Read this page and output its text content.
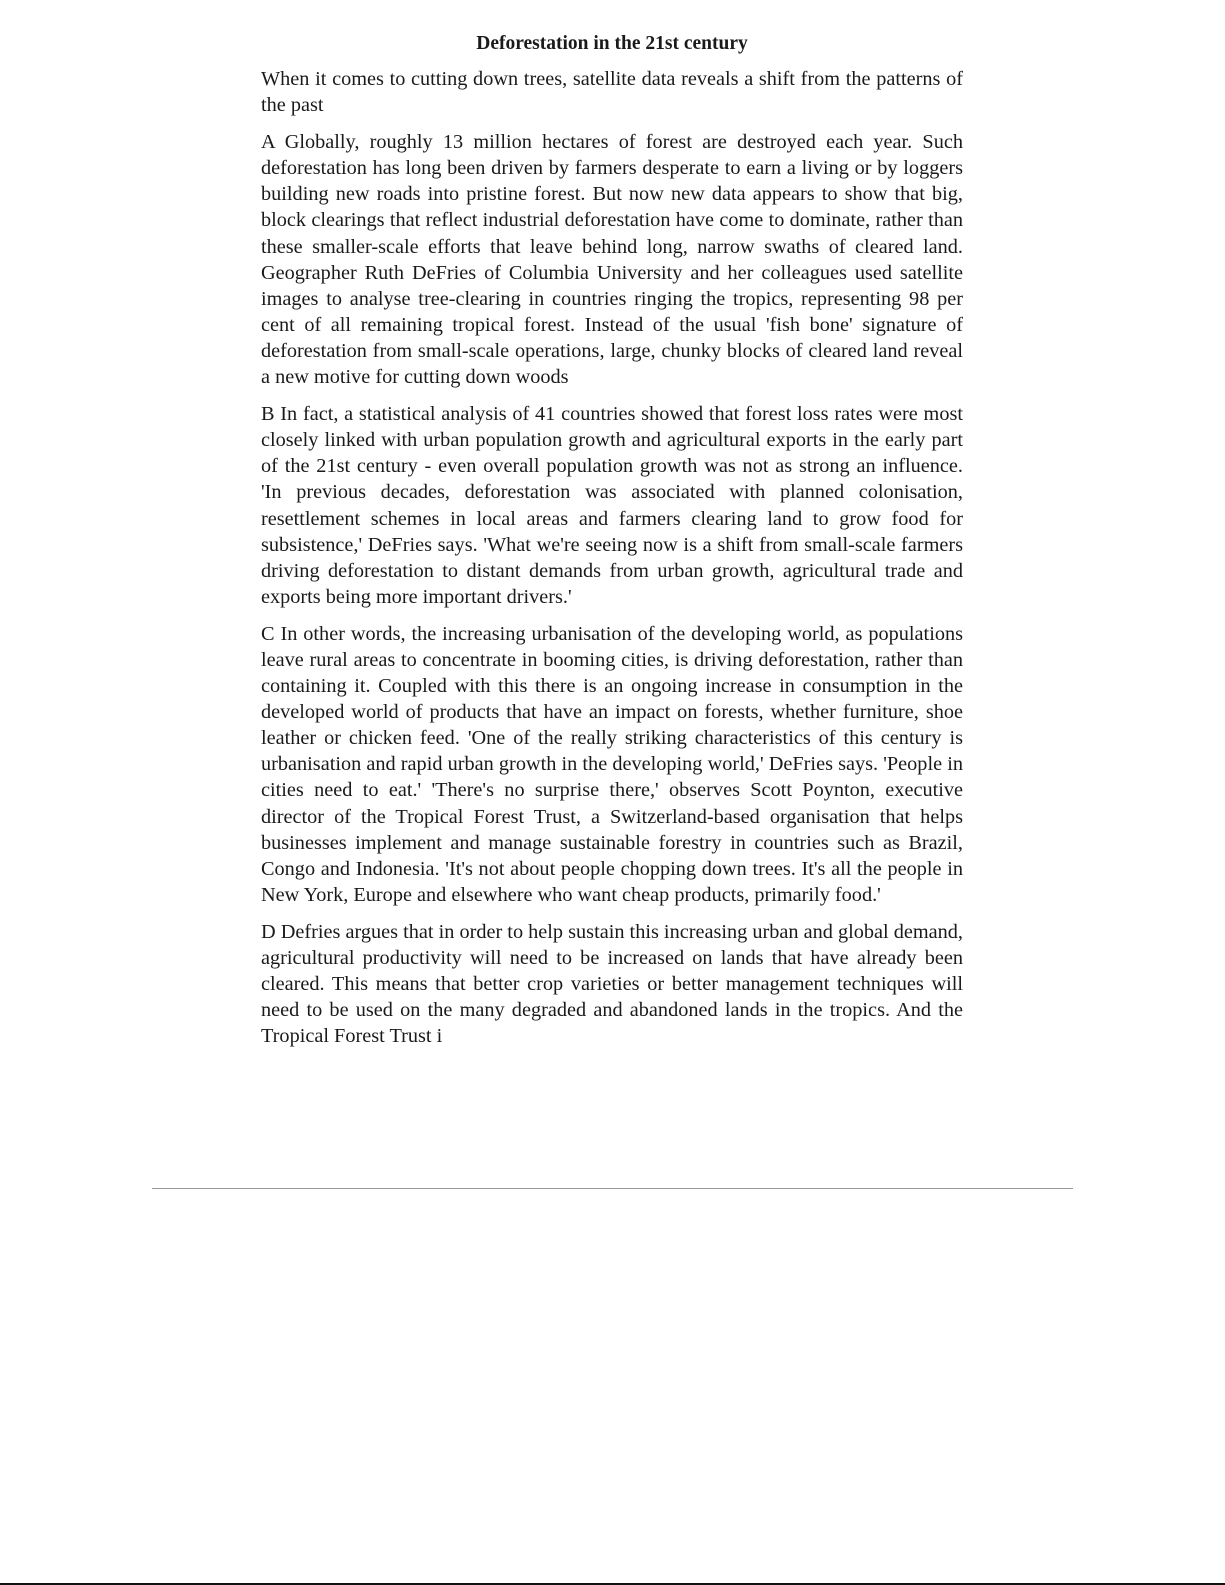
Deforestation in the 21st century

When it comes to cutting down trees, satellite data reveals a shift from the patterns of the past

A Globally, roughly 13 million hectares of forest are destroyed each year. Such deforestation has long been driven by farmers desperate to earn a living or by loggers building new roads into pristine forest. But now new data appears to show that big, block clearings that reflect industrial deforestation have come to dominate, rather than these smaller-scale efforts that leave behind long, narrow swaths of cleared land. Geographer Ruth DeFries of Columbia University and her colleagues used satellite images to analyse tree-clearing in countries ringing the tropics, representing 98 per cent of all remaining tropical forest. Instead of the usual 'fish bone' signature of deforestation from small-scale operations, large, chunky blocks of cleared land reveal a new motive for cutting down woods

B In fact, a statistical analysis of 41 countries showed that forest loss rates were most closely linked with urban population growth and agricultural exports in the early part of the 21st century - even overall population growth was not as strong an influence. 'In previous decades, deforestation was associated with planned colonisation, resettlement schemes in local areas and farmers clearing land to grow food for subsistence,' DeFries says. 'What we're seeing now is a shift from small-scale farmers driving deforestation to distant demands from urban growth, agricultural trade and exports being more important drivers.'

C In other words, the increasing urbanisation of the developing world, as populations leave rural areas to concentrate in booming cities, is driving deforestation, rather than containing it. Coupled with this there is an ongoing increase in consumption in the developed world of products that have an impact on forests, whether furniture, shoe leather or chicken feed. 'One of the really striking characteristics of this century is urbanisation and rapid urban growth in the developing world,' DeFries says. 'People in cities need to eat.' 'There's no surprise there,' observes Scott Poynton, executive director of the Tropical Forest Trust, a Switzerland-based organisation that helps businesses implement and manage sustainable forestry in countries such as Brazil, Congo and Indonesia. 'It's not about people chopping down trees. It's all the people in New York, Europe and elsewhere who want cheap products, primarily food.'

D Defries argues that in order to help sustain this increasing urban and global demand, agricultural productivity will need to be increased on lands that have already been cleared. This means that better crop varieties or better management techniques will need to be used on the many degraded and abandoned lands in the tropics. And the Tropical Forest Trust i
